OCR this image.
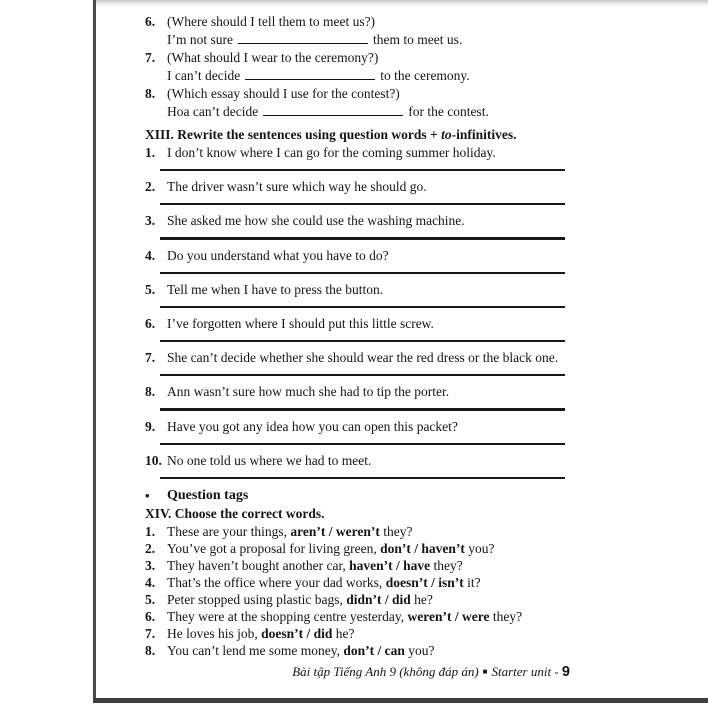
6. (Where should I tell them to meet us?)
I’m not sure	them to meet us.
7. (What should I wear to the ceremony?)
I can’t decide	to the ceremony.
8. (Which essay should I use for the contest?)
Hoa can’t decide	for the contest.
XIII. Rewrite the sentences using question words + to-infinitives.
1. I don’t know where I can go for the coming summer holiday.
2. The driver wasn’t sure which way he should go.
3. She asked me how she could use the washing machine.
4. Do you understand what you have to do?
5. Tell me when I have to press the button.
6. I’ve forgotten where I should put this little screw.
7. She can’t decide whether she should wear the red dress or the black one.
8. Ann wasn’t sure how much she had to tip the porter.
9. Have you got any idea how you can open this packet?
10. No one told us where we had to meet.
•	Question tags
XIV. Choose the correct words.
1. These are your things, aren’t / weren’t they?
2. You’ve got a proposal for living green, don’t / haven’t you?
3. They haven’t bought another car, haven’t / have they?
4. That’s the office where your dad works, doesn’t / isn’t it?
5. Peter stopped using plastic bags, didn’t / did he?
6. They were at the shopping centre yesterday, weren’t / were they?
7. He loves his job, doesn’t / did he?
8. You can’t lend me some money, don’t / can you?
Bài tập Tiếng Anh 9 (không đáp án) ■ Starter unit - 9
